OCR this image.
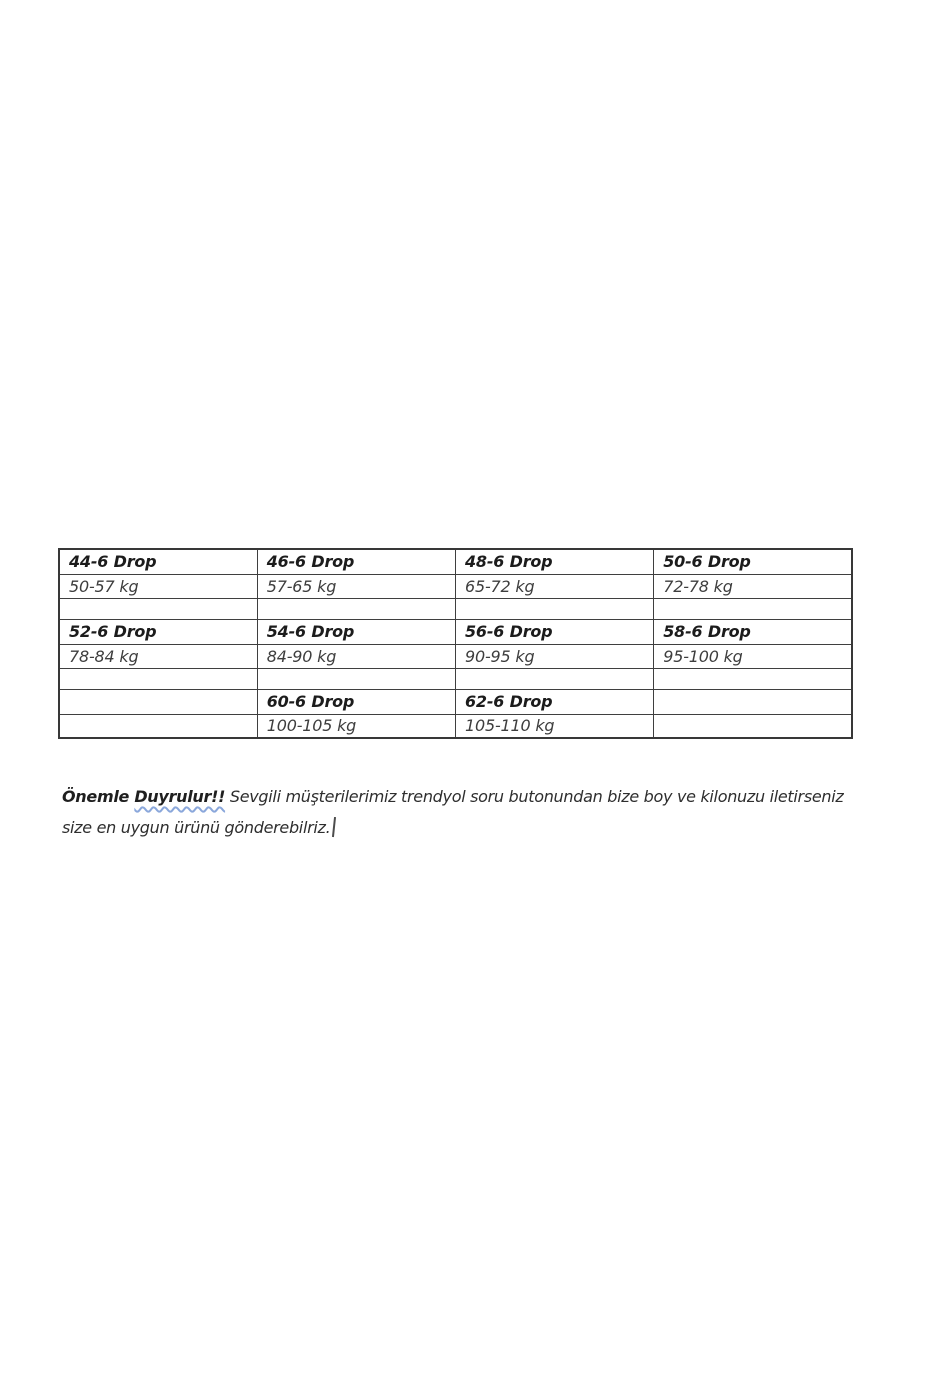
44-6 Drop	46-6 Drop	48-6 Drop	50-6 Drop
50-57 kg	57-65 kg	65-72 kg	72-78 kg

52-6 Drop	54-6 Drop	56-6 Drop	58-6 Drop
78-84 kg	84-90 kg	90-95 kg	95-100 kg

	60-6 Drop	62-6 Drop	
	100-105 kg	105-110 kg	
Önemle Duyrulur!! Sevgili müşterilerimiz trendyol soru butonundan bize boy ve kilonuzu iletirseniz
size en uygun ürünü gönderebilriz.
